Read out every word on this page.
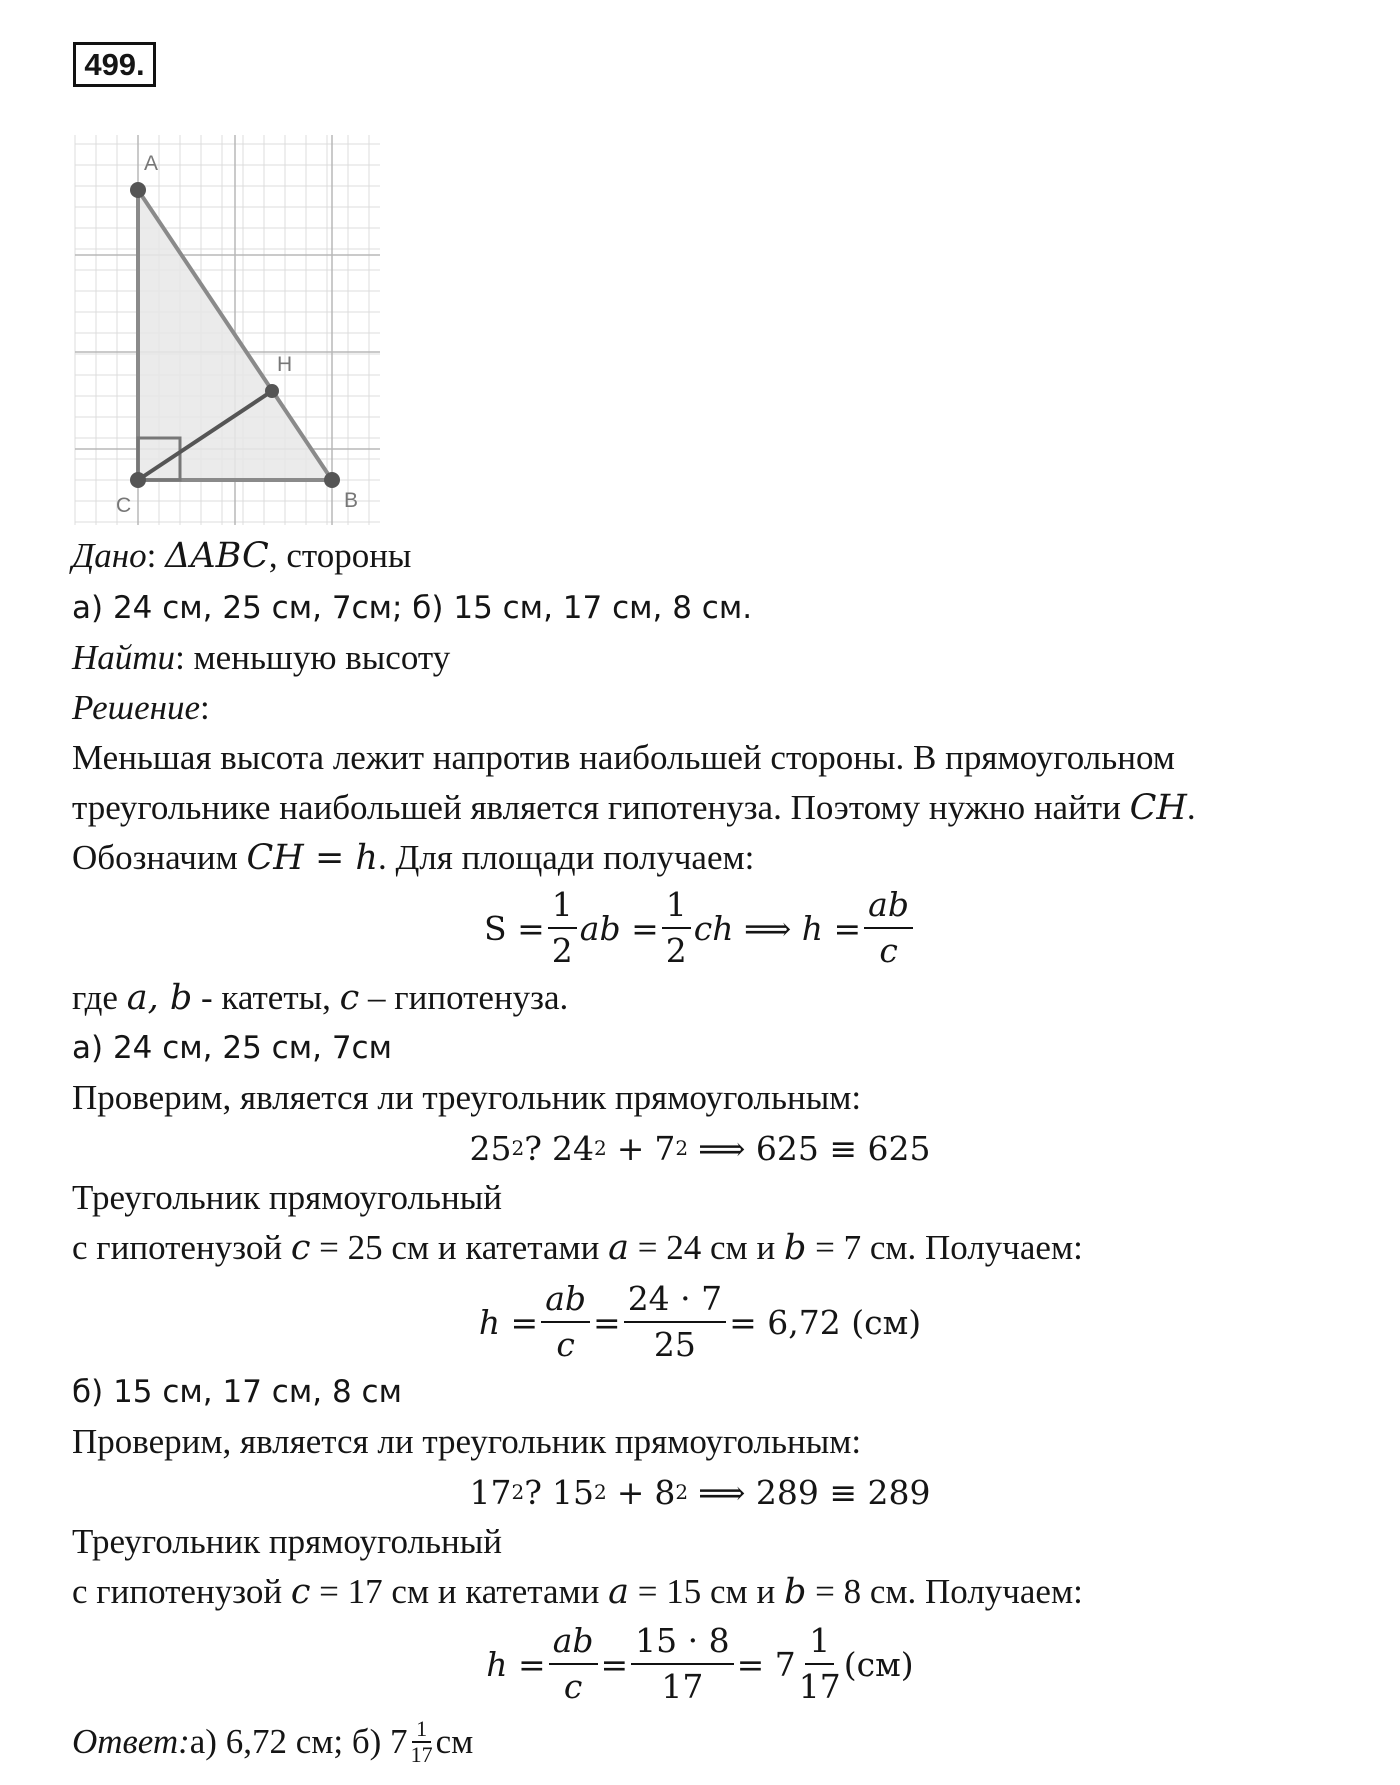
499.
A
H
C	B
Дано: ΔABC, стороны
а) 24 см, 25 см, 7см; б) 15 см, 17 см, 8 см.
Найти: меньшую высоту
Решение:
Меньшая высота лежит напротив наибольшей стороны. В прямоугольном
треугольнике наибольшей является гипотенуза. Поэтому нужно найти CH.
Обозначим CH = h. Для площади получаем:
$S = \frac{1}{2}$ ab = $\frac{1}{2}$ ch ⟹ $h = \frac{ab}{c}$
где a, b - катеты, c – гипотенуза.
а) 24 см, 25 см, 7см
Проверим, является ли треугольник прямоугольным:
25 2 ? 24 2 + 7 2 ⟹ 625 ≡ 625
Треугольник прямоугольный
с гипотенузой c = 25 см и катетами a = 24 см и b = 7 см. Получаем:
$h = \frac{ab}{c} = \frac{24 \cdot 7}{25} = 6,72$ (см)
б) 15 см, 17 см, 8 см
Проверим, является ли треугольник прямоугольным:
17 2 ? 15 2 + 8 2 ⟹ 289 ≡ 289
Треугольник прямоугольный
с гипотенузой c = 17 см и катетами a = 15 см и b = 8 см. Получаем:
$h = \frac{ab}{c} = \frac{15 \cdot 8}{17} = 7 \frac{1}{17} (см)$
Ответ: а) 6,72 см; б) $7 \frac{1}{17}$ см
